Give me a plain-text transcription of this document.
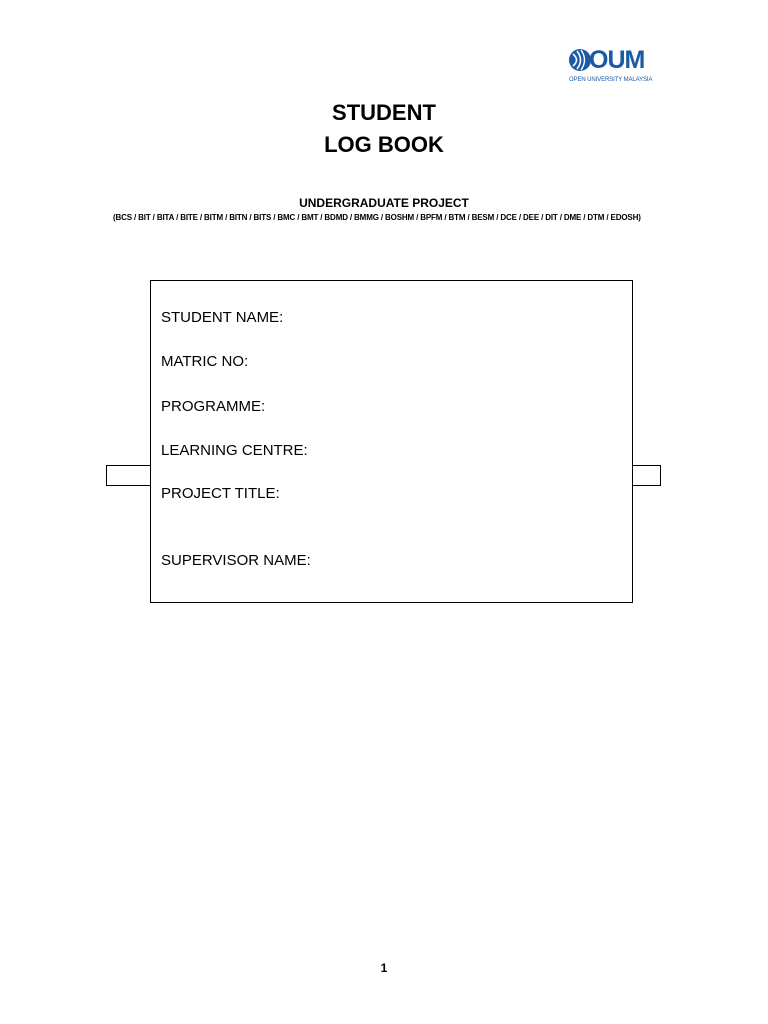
OUM
OPEN UNIVERSITY MALAYSIA
STUDENT
LOG BOOK
UNDERGRADUATE PROJECT
(BCS / BIT / BITA / BITE / BITM / BITN / BITS / BMC / BMT / BDMD / BMMG / BOSHM / BPFM / BTM / BESM / DCE / DEE / DIT / DME / DTM / EDOSH)
STUDENT NAME:
MATRIC NO:
PROGRAMME:
LEARNING CENTRE:
PROJECT TITLE:
SUPERVISOR NAME:
1
